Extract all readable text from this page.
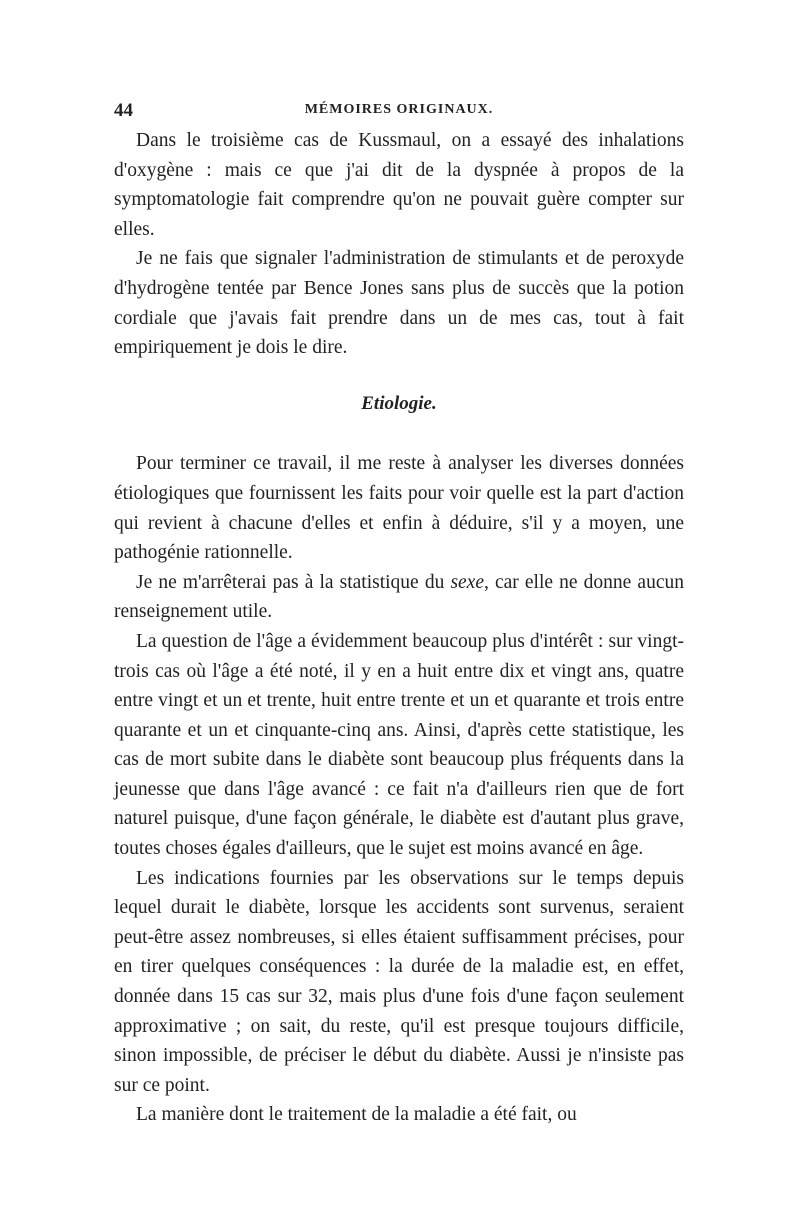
44	MÉMOIRES ORIGINAUX.

Dans le troisième cas de Kussmaul, on a essayé des inhalations d'oxygène : mais ce que j'ai dit de la dyspnée à propos de la symptomatologie fait comprendre qu'on ne pouvait guère compter sur elles.

Je ne fais que signaler l'administration de stimulants et de peroxyde d'hydrogène tentée par Bence Jones sans plus de succès que la potion cordiale que j'avais fait prendre dans un de mes cas, tout à fait empiriquement je dois le dire.

Etiologie.

Pour terminer ce travail, il me reste à analyser les diverses données étiologiques que fournissent les faits pour voir quelle est la part d'action qui revient à chacune d'elles et enfin à déduire, s'il y a moyen, une pathogénie rationnelle.

Je ne m'arrêterai pas à la statistique du sexe, car elle ne donne aucun renseignement utile.

La question de l'âge a évidemment beaucoup plus d'intérêt : sur vingt-trois cas où l'âge a été noté, il y en a huit entre dix et vingt ans, quatre entre vingt et un et trente, huit entre trente et un et quarante et trois entre quarante et un et cinquante-cinq ans. Ainsi, d'après cette statistique, les cas de mort subite dans le diabète sont beaucoup plus fréquents dans la jeunesse que dans l'âge avancé : ce fait n'a d'ailleurs rien que de fort naturel puisque, d'une façon générale, le diabète est d'autant plus grave, toutes choses égales d'ailleurs, que le sujet est moins avancé en âge.

Les indications fournies par les observations sur le temps depuis lequel durait le diabète, lorsque les accidents sont survenus, seraient peut-être assez nombreuses, si elles étaient suffisamment précises, pour en tirer quelques conséquences : la durée de la maladie est, en effet, donnée dans 15 cas sur 32, mais plus d'une fois d'une façon seulement approximative ; on sait, du reste, qu'il est presque toujours difficile, sinon impossible, de préciser le début du diabète. Aussi je n'insiste pas sur ce point.

La manière dont le traitement de la maladie a été fait, ou
